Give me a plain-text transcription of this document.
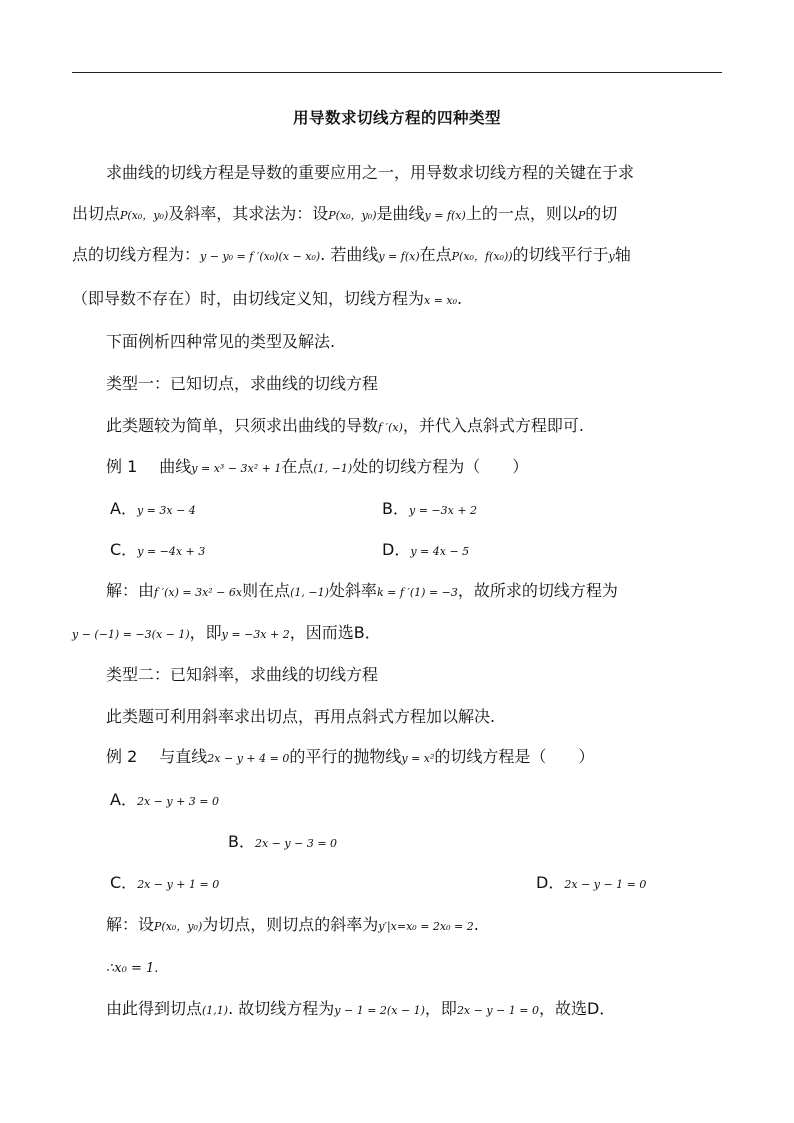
用导数求切线方程的四种类型
求曲线的切线方程是导数的重要应用之一，用导数求切线方程的关键在于求
出切点P(x₀，y₀)及斜率，其求法为：设P(x₀，y₀)是曲线y = f(x)上的一点，则以P的切
点的切线方程为：y − y₀ = f ′(x₀)(x − x₀). 若曲线y = f(x)在点P(x₀，f(x₀))的切线平行于y轴
（即导数不存在）时，由切线定义知，切线方程为x = x₀.
下面例析四种常见的类型及解法.
类型一：已知切点，求曲线的切线方程
此类题较为简单，只须求出曲线的导数f ′(x)，并代入点斜式方程即可.
例 1 曲线y = x³ − 3x² + 1在点(1, −1)处的切线方程为（　　）
A．y = 3x − 4	B．y = −3x + 2
C．y = −4x + 3	D．y = 4x − 5
解：由f ′(x) = 3x² − 6x则在点(1, −1)处斜率k = f ′(1) = −3，故所求的切线方程为
y − (−1) = −3(x − 1)，即y = −3x + 2，因而选B．
类型二：已知斜率，求曲线的切线方程
此类题可利用斜率求出切点，再用点斜式方程加以解决.
例 2 与直线2x − y + 4 = 0的平行的抛物线y = x²的切线方程是（　　）
A．2x − y + 3 = 0
B．2x − y − 3 = 0
C．2x − y + 1 = 0	D．2x − y − 1 = 0
解：设P(x₀，y₀)为切点，则切点的斜率为y′|x=x₀ = 2x₀ = 2.
∴x₀ = 1.
由此得到切点(1,1). 故切线方程为y − 1 = 2(x − 1)，即2x − y − 1 = 0，故选D．
